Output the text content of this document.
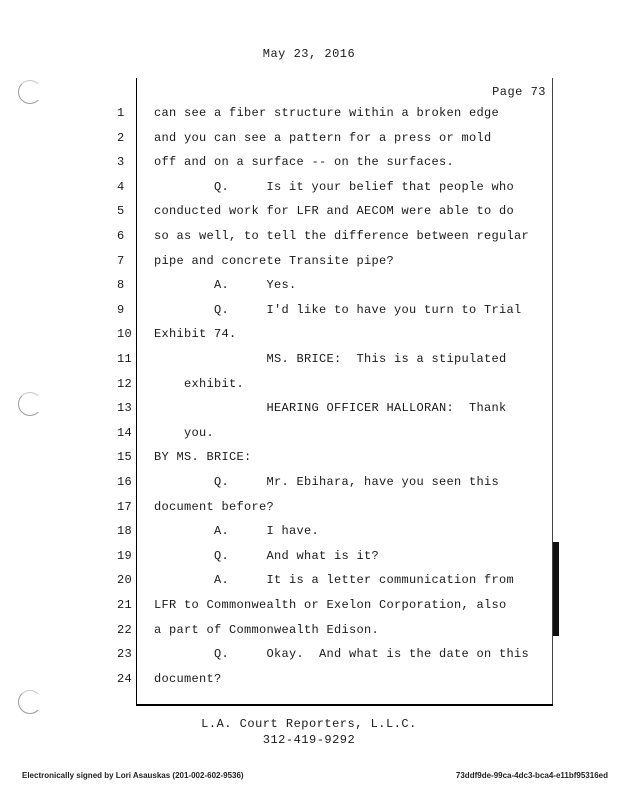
May 23, 2016
Page 73
1	can see a fiber structure within a broken edge
2	and you can see a pattern for a press or mold
3	off and on a surface -- on the surfaces.
4	Q.     Is it your belief that people who
5	conducted work for LFR and AECOM were able to do
6	so as well, to tell the difference between regular
7	pipe and concrete Transite pipe?
8	A.     Yes.
9	Q.     I'd like to have you turn to Trial
10	Exhibit 74.
11	MS. BRICE:  This is a stipulated
12	exhibit.
13	HEARING OFFICER HALLORAN:  Thank
14	you.
15	BY MS. BRICE:
16	Q.     Mr. Ebihara, have you seen this
17	document before?
18	A.     I have.
19	Q.     And what is it?
20	A.     It is a letter communication from
21	LFR to Commonwealth or Exelon Corporation, also
22	a part of Commonwealth Edison.
23	Q.     Okay.  And what is the date on this
24	document?
L.A. Court Reporters, L.L.C.
312-419-9292
Electronically signed by Lori Asauskas (201-002-602-9536)	73ddf9de-99ca-4dc3-bca4-e11bf95316ed
